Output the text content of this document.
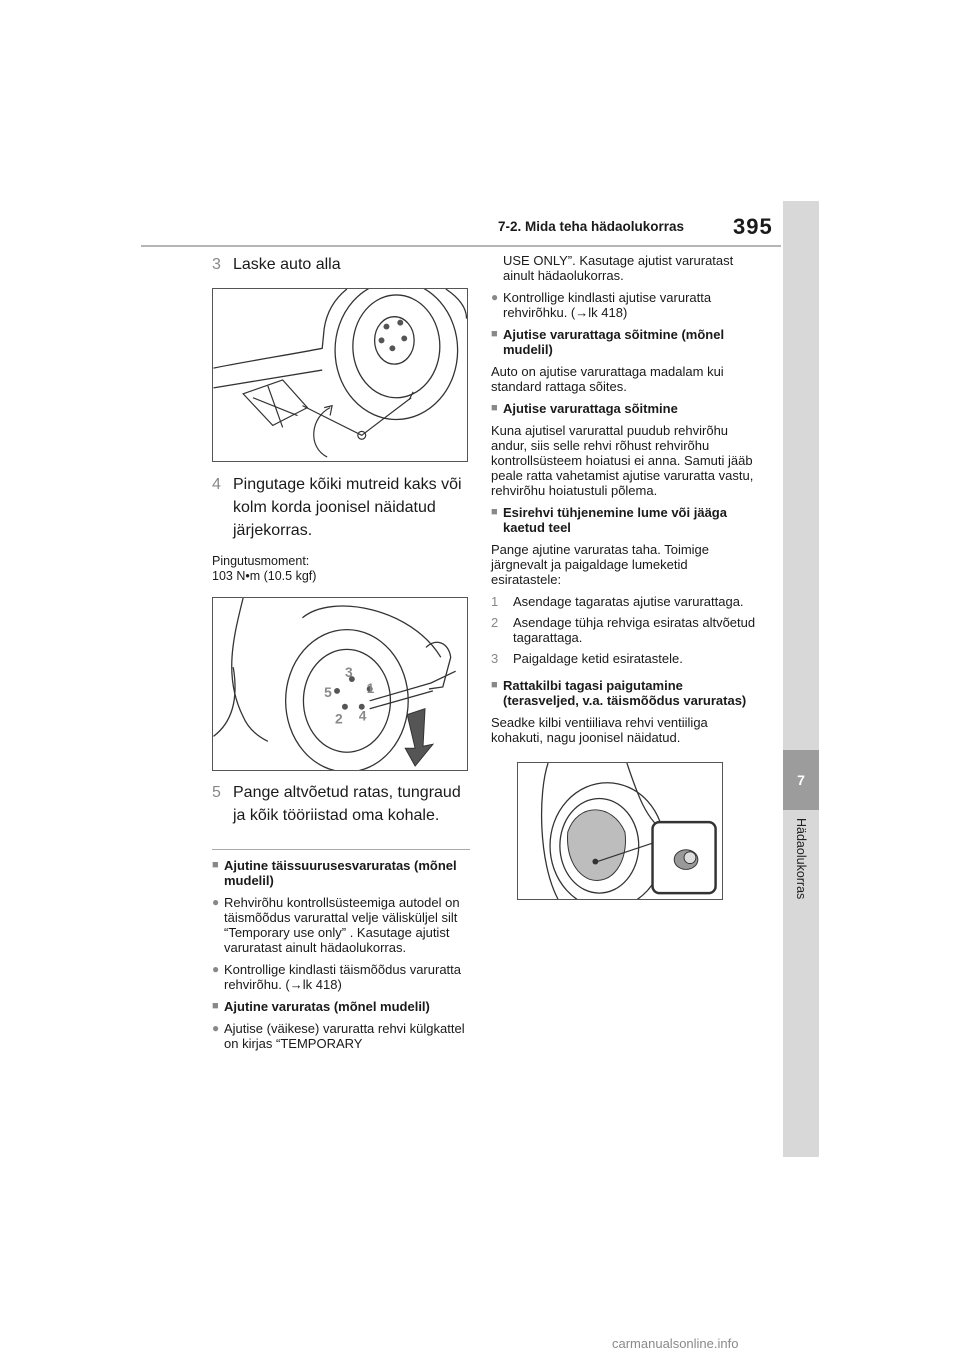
7-2. Mida teha hädaolukorras 395
7
Hädaolukorras
3 Laske auto alla
4 Pingutage kõiki mutreid kaks või kolm korda joonisel näidatud järjekorras.
Pingutusmoment:
103 N•m (10.5 kgf)
3
1
5
2 4
5 Pange altvõetud ratas, tungraud ja kõik tööriistad oma kohale.
■ Ajutine täissuurusesvaruratas (mõnel mudelil)
● Rehvirõhu kontrollsüsteemiga autodel on täismõõdus varurattal velje välisküljel silt “Temporary use only” . Kasutage ajutist varuratast ainult hädaolukorras.
● Kontrollige kindlasti täismõõdus varuratta rehvirõhu. (→lk 418)
■ Ajutine varuratas (mõnel mudelil)
● Ajutise (väikese) varuratta rehvi külgkattel on kirjas “TEMPORARY
USE ONLY”. Kasutage ajutist varuratast ainult hädaolukorras.
● Kontrollige kindlasti ajutise varuratta rehvirõhku. (→lk 418)
■ Ajutise varurattaga sõitmine (mõnel mudelil)
Auto on ajutise varurattaga madalam kui standard rattaga sõites.
■ Ajutise varurattaga sõitmine
Kuna ajutisel varurattal puudub rehvirõhu andur, siis selle rehvi rõhust rehvirõhu kontrollsüsteem hoiatusi ei anna. Samuti jääb peale ratta vahetamist ajutise varuratta vastu, rehvirõhu hoiatustuli põlema.
■ Esirehvi tühjenemine lume või jääga kaetud teel
Pange ajutine varuratas taha. Toimige järgnevalt ja paigaldage lumeketid esiratastele:
1	Asendage tagaratas ajutise varurattaga.
2	Asendage tühja rehviga esiratas altvõetud tagarattaga.
3	Paigaldage ketid esiratastele.
■ Rattakilbi tagasi paigutamine (terasveljed, v.a. täismõõdus varuratas)
Seadke kilbi ventiiliava rehvi ventiiliga kohakuti, nagu joonisel näidatud.
carmanualsonline.info
